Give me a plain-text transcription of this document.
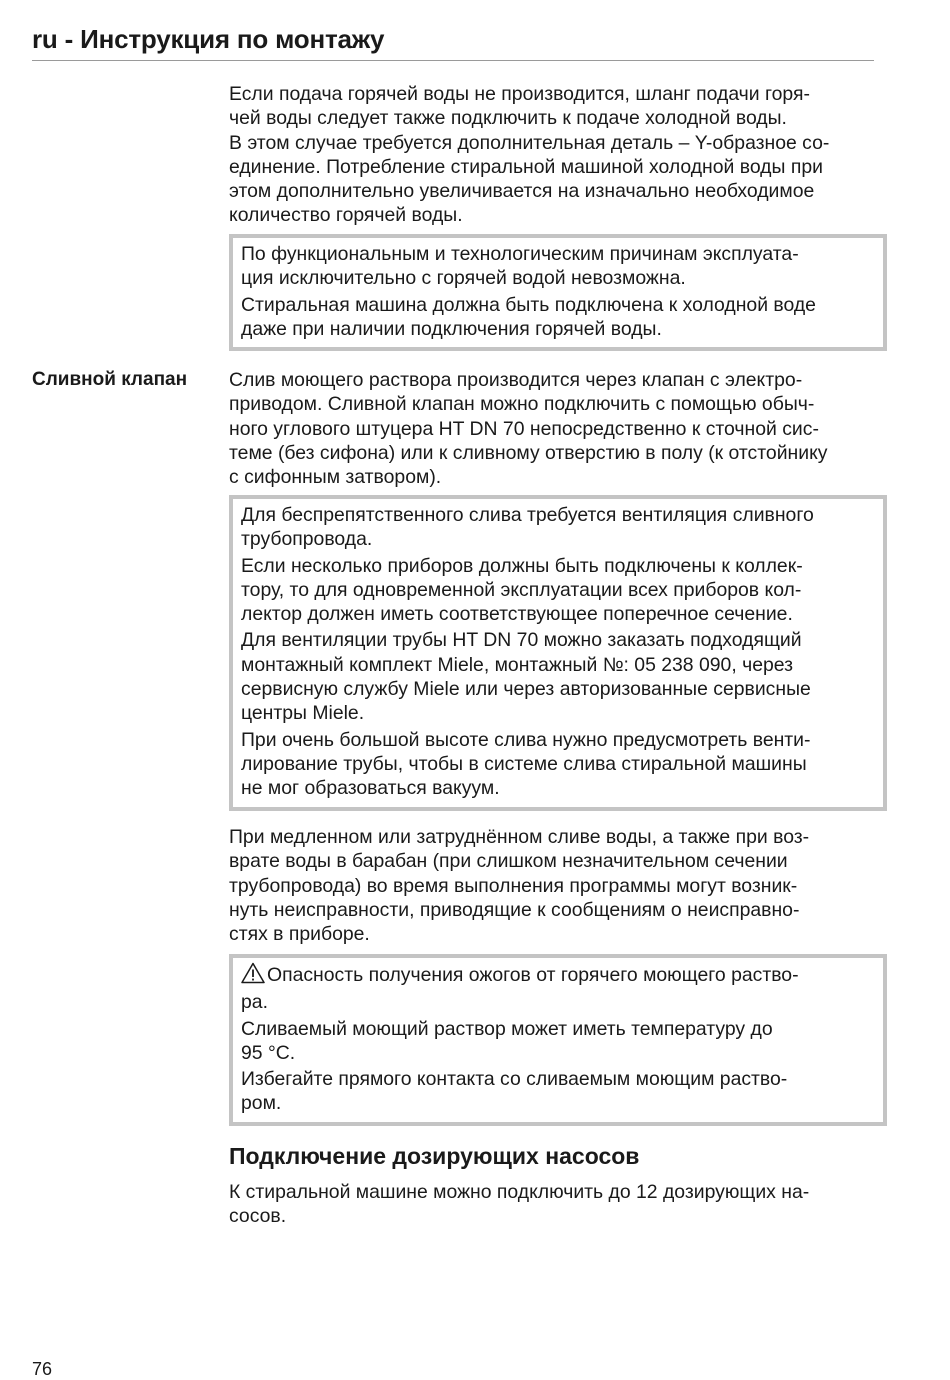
ru - Инструкция по монтажу
Если подача горячей воды не производится, шланг подачи горя-
чей воды следует также подключить к подаче холодной воды.
В этом случае требуется дополнительная деталь – Y-образное со-
единение. Потребление стиральной машиной холодной воды при
этом дополнительно увеличивается на изначально необходимое
количество горячей воды.

По функциональным и технологическим причинам эксплуата-
ция исключительно с горячей водой невозможна.

Стиральная машина должна быть подключена к холодной воде
даже при наличии подключения горячей воды.

Сливной клапан Слив моющего раствора производится через клапан с электро-
приводом. Сливной клапан можно подключить с помощью обыч-
ного углового штуцера HT DN 70 непосредственно к сточной сис-
теме (без сифона) или к сливному отверстию в полу (к отстойнику
с сифонным затвором).

Для беспрепятственного слива требуется вентиляция сливного
трубопровода.

Если несколько приборов должны быть подключены к коллек-
тору, то для одновременной эксплуатации всех приборов кол-
лектор должен иметь соответствующее поперечное сечение.

Для вентиляции трубы HT DN 70 можно заказать подходящий
монтажный комплект Miele, монтажный №: 05 238 090, через
сервисную службу Miele или через авторизованные сервисные
центры Miele.

При очень большой высоте слива нужно предусмотреть венти-
лирование трубы, чтобы в системе слива стиральной машины
не мог образоваться вакуум.

При медленном или затруднённом сливе воды, а также при воз-
врате воды в барабан (при слишком незначительном сечении
трубопровода) во время выполнения программы могут возник-
нуть неисправности, приводящие к сообщениям о неисправно-
стях в приборе.

Опасность получения ожогов от горячего моющего раство-
ра.

Сливаемый моющий раствор может иметь температуру до
95 °C.

Избегайте прямого контакта со сливаемым моющим раство-
ром.

Подключение дозирующих насосов
К стиральной машине можно подключить до 12 дозирующих на-
сосов.
76
